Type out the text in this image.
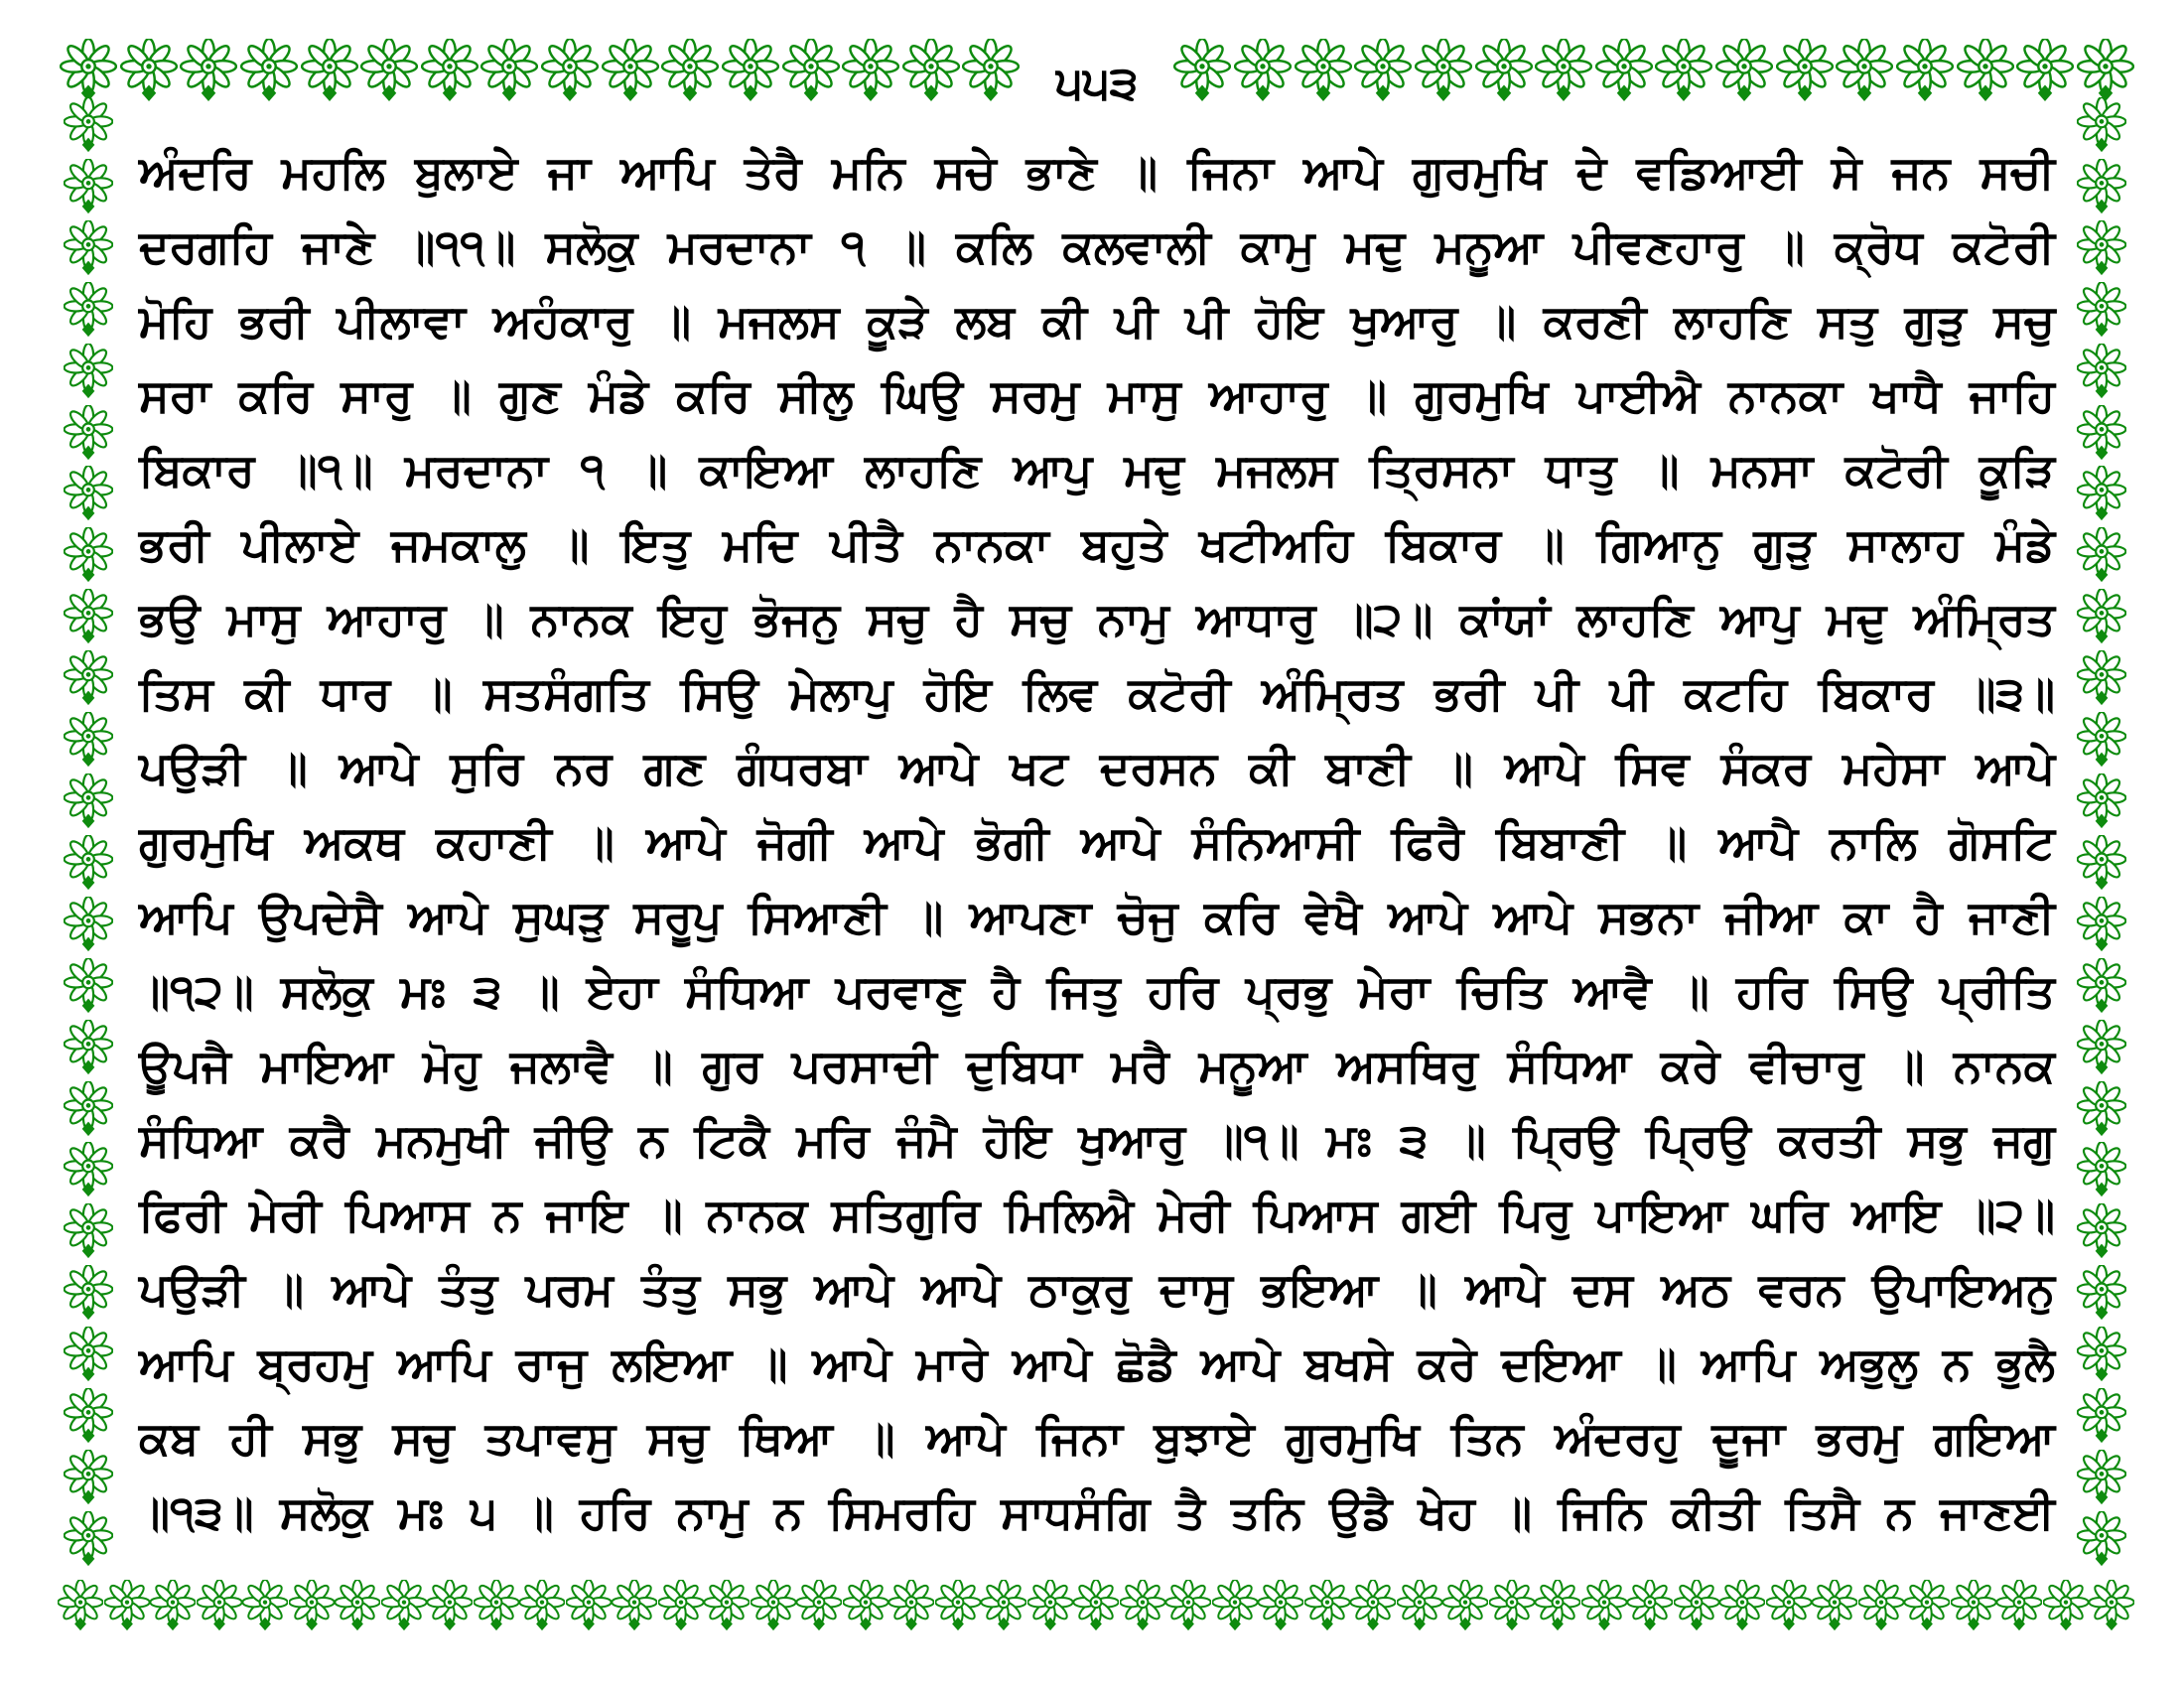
੫੫੩
ਅੰਦਰਿ ਮਹਲਿ ਬੁਲਾਏ ਜਾ ਆਪਿ ਤੇਰੈ ਮਨਿ ਸਚੇ ਭਾਣੇ ॥ ਜਿਨਾ ਆਪੇ ਗੁਰਮੁਖਿ ਦੇ ਵਡਿਆਈ ਸੇ ਜਨ ਸਚੀ
ਦਰਗਹਿ ਜਾਣੇ ॥੧੧॥ ਸਲੋਕੁ ਮਰਦਾਨਾ ੧ ॥ ਕਲਿ ਕਲਵਾਲੀ ਕਾਮੁ ਮਦੁ ਮਨੂਆ ਪੀਵਣਹਾਰੁ ॥ ਕ੍ਰੋਧ ਕਟੋਰੀ
ਮੋਹਿ ਭਰੀ ਪੀਲਾਵਾ ਅਹੰਕਾਰੁ ॥ ਮਜਲਸ ਕੂੜੇ ਲਬ ਕੀ ਪੀ ਪੀ ਹੋਇ ਖੁਆਰੁ ॥ ਕਰਣੀ ਲਾਹਣਿ ਸਤੁ ਗੁੜੁ ਸਚੁ
ਸਰਾ ਕਰਿ ਸਾਰੁ ॥ ਗੁਣ ਮੰਡੇ ਕਰਿ ਸੀਲੁ ਘਿਉ ਸਰਮੁ ਮਾਸੁ ਆਹਾਰੁ ॥ ਗੁਰਮੁਖਿ ਪਾਈਐ ਨਾਨਕਾ ਖਾਧੈ ਜਾਹਿ
ਬਿਕਾਰ ॥੧॥ ਮਰਦਾਨਾ ੧ ॥ ਕਾਇਆ ਲਾਹਣਿ ਆਪੁ ਮਦੁ ਮਜਲਸ ਤ੍ਰਿਸਨਾ ਧਾਤੁ ॥ ਮਨਸਾ ਕਟੋਰੀ ਕੂੜਿ
ਭਰੀ ਪੀਲਾਏ ਜਮਕਾਲੁ ॥ ਇਤੁ ਮਦਿ ਪੀਤੈ ਨਾਨਕਾ ਬਹੁਤੇ ਖਟੀਅਹਿ ਬਿਕਾਰ ॥ ਗਿਆਨੁ ਗੁੜੁ ਸਾਲਾਹ ਮੰਡੇ
ਭਉ ਮਾਸੁ ਆਹਾਰੁ ॥ ਨਾਨਕ ਇਹੁ ਭੋਜਨੁ ਸਚੁ ਹੈ ਸਚੁ ਨਾਮੁ ਆਧਾਰੁ ॥੨॥ ਕਾਂਯਾਂ ਲਾਹਣਿ ਆਪੁ ਮਦੁ ਅੰਮ੍ਰਿਤ
ਤਿਸ ਕੀ ਧਾਰ ॥ ਸਤਸੰਗਤਿ ਸਿਉ ਮੇਲਾਪੁ ਹੋਇ ਲਿਵ ਕਟੋਰੀ ਅੰਮ੍ਰਿਤ ਭਰੀ ਪੀ ਪੀ ਕਟਹਿ ਬਿਕਾਰ ॥੩॥
ਪਉੜੀ ॥ ਆਪੇ ਸੁਰਿ ਨਰ ਗਣ ਗੰਧਰਬਾ ਆਪੇ ਖਟ ਦਰਸਨ ਕੀ ਬਾਣੀ ॥ ਆਪੇ ਸਿਵ ਸੰਕਰ ਮਹੇਸਾ ਆਪੇ
ਗੁਰਮੁਖਿ ਅਕਥ ਕਹਾਣੀ ॥ ਆਪੇ ਜੋਗੀ ਆਪੇ ਭੋਗੀ ਆਪੇ ਸੰਨਿਆਸੀ ਫਿਰੈ ਬਿਬਾਣੀ ॥ ਆਪੈ ਨਾਲਿ ਗੋਸਟਿ
ਆਪਿ ਉਪਦੇਸੈ ਆਪੇ ਸੁਘੜੁ ਸਰੂਪੁ ਸਿਆਣੀ ॥ ਆਪਣਾ ਚੋਜੁ ਕਰਿ ਵੇਖੈ ਆਪੇ ਆਪੇ ਸਭਨਾ ਜੀਆ ਕਾ ਹੈ ਜਾਣੀ
॥੧੨॥ ਸਲੋਕੁ ਮਃ ੩ ॥ ਏਹਾ ਸੰਧਿਆ ਪਰਵਾਣੁ ਹੈ ਜਿਤੁ ਹਰਿ ਪ੍ਰਭੁ ਮੇਰਾ ਚਿਤਿ ਆਵੈ ॥ ਹਰਿ ਸਿਉ ਪ੍ਰੀਤਿ
ਊਪਜੈ ਮਾਇਆ ਮੋਹੁ ਜਲਾਵੈ ॥ ਗੁਰ ਪਰਸਾਦੀ ਦੁਬਿਧਾ ਮਰੈ ਮਨੂਆ ਅਸਥਿਰੁ ਸੰਧਿਆ ਕਰੇ ਵੀਚਾਰੁ ॥ ਨਾਨਕ
ਸੰਧਿਆ ਕਰੈ ਮਨਮੁਖੀ ਜੀਉ ਨ ਟਿਕੈ ਮਰਿ ਜੰਮੈ ਹੋਇ ਖੁਆਰੁ ॥੧॥ ਮਃ ੩ ॥ ਪ੍ਰਿਉ ਪ੍ਰਿਉ ਕਰਤੀ ਸਭੁ ਜਗੁ
ਫਿਰੀ ਮੇਰੀ ਪਿਆਸ ਨ ਜਾਇ ॥ ਨਾਨਕ ਸਤਿਗੁਰਿ ਮਿਲਿਐ ਮੇਰੀ ਪਿਆਸ ਗਈ ਪਿਰੁ ਪਾਇਆ ਘਰਿ ਆਇ ॥੨॥
ਪਉੜੀ ॥ ਆਪੇ ਤੰਤੁ ਪਰਮ ਤੰਤੁ ਸਭੁ ਆਪੇ ਆਪੇ ਠਾਕੁਰੁ ਦਾਸੁ ਭਇਆ ॥ ਆਪੇ ਦਸ ਅਠ ਵਰਨ ਉਪਾਇਅਨੁ
ਆਪਿ ਬ੍ਰਹਮੁ ਆਪਿ ਰਾਜੁ ਲਇਆ ॥ ਆਪੇ ਮਾਰੇ ਆਪੇ ਛੋਡੈ ਆਪੇ ਬਖਸੇ ਕਰੇ ਦਇਆ ॥ ਆਪਿ ਅਭੁਲੁ ਨ ਭੁਲੈ
ਕਬ ਹੀ ਸਭੁ ਸਚੁ ਤਪਾਵਸੁ ਸਚੁ ਥਿਆ ॥ ਆਪੇ ਜਿਨਾ ਬੁਝਾਏ ਗੁਰਮੁਖਿ ਤਿਨ ਅੰਦਰਹੁ ਦੂਜਾ ਭਰਮੁ ਗਇਆ
॥੧੩॥ ਸਲੋਕੁ ਮਃ ੫ ॥ ਹਰਿ ਨਾਮੁ ਨ ਸਿਮਰਹਿ ਸਾਧਸੰਗਿ ਤੈ ਤਨਿ ਉਡੈ ਖੇਹ ॥ ਜਿਨਿ ਕੀਤੀ ਤਿਸੈ ਨ ਜਾਣਈ
